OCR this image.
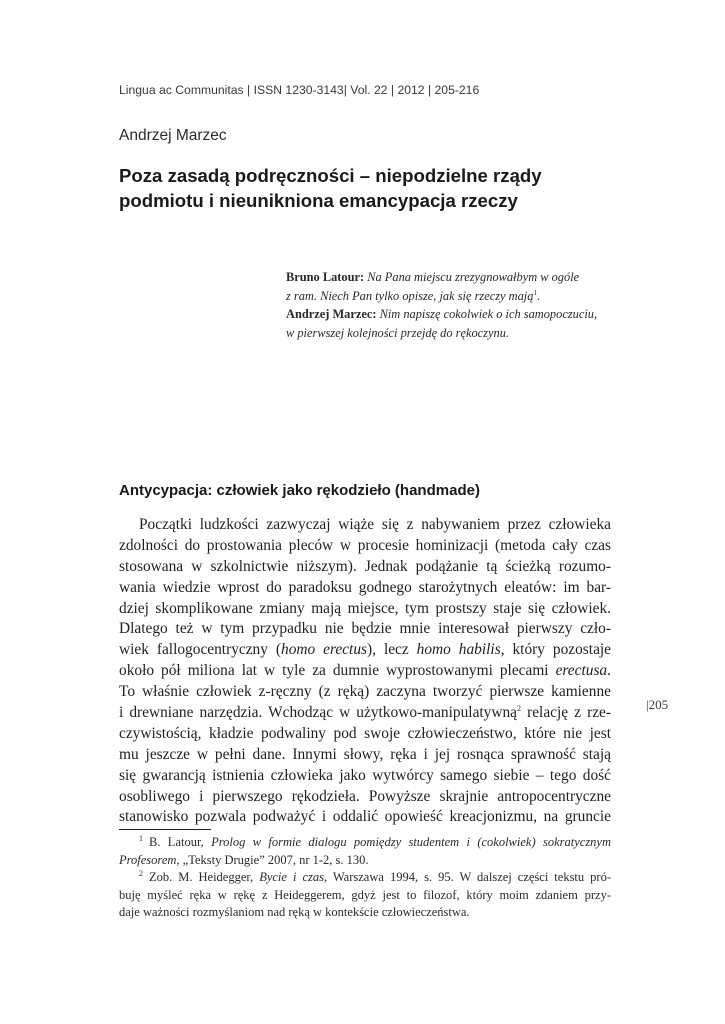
Lingua ac Communitas | ISSN 1230-3143| Vol. 22 | 2012 | 205-216
Andrzej Marzec
Poza zasadą podręczności – niepodzielne rządy
podmiotu i nieunikniona emancypacja rzeczy
Bruno Latour: Na Pana miejscu zrezygnowałbym w ogóle
z ram. Niech Pan tylko opisze, jak się rzeczy mają$^1$.
Andrzej Marzec: Nim napiszę cokolwiek o ich samopoczuciu,
w pierwszej kolejności przejdę do rękoczynu.
Antycypacja: człowiek jako rękodzieło (handmade)
Początki ludzkości zazwyczaj wiąże się z nabywaniem przez człowieka
zdolności do prostowania pleców w procesie hominizacji (metoda cały czas
stosowana w szkolnictwie niższym). Jednak podążanie tą ścieżką rozumo-
wania wiedzie wprost do paradoksu godnego starożytnych eleatów: im bar-
dziej skomplikowane zmiany mają miejsce, tym prostszy staje się człowiek.
Dlatego też w tym przypadku nie będzie mnie interesował pierwszy czło-
wiek fallogocentryczny (homo erectus), lecz homo habilis, który pozostaje
około pół miliona lat w tyle za dumnie wyprostowanymi plecami erectusa.
To właśnie człowiek z-ręczny (z ręką) zaczyna tworzyć pierwsze kamienne
i drewniane narzędzia. Wchodząc w użytkowo-manipulatywną$^2$ relację z rze-
czywistością, kładzie podwaliny pod swoje człowieczeństwo, które nie jest
mu jeszcze w pełni dane. Innymi słowy, ręka i jej rosnąca sprawność stają
się gwarancją istnienia człowieka jako wytwórcy samego siebie – tego dość
osobliwego i pierwszego rękodzieła. Powyższe skrajnie antropocentryczne
stanowisko pozwala podważyć i oddalić opowieść kreacjonizmu, na gruncie
|205
$^1$ B. Latour, Prolog w formie dialogu pomiędzy studentem i (cokolwiek) sokratycznym
Profesorem, „Teksty Drugie” 2007, nr 1-2, s. 130.
$^2$ Zob. M. Heidegger, Bycie i czas, Warszawa 1994, s. 95. W dalszej części tekstu pró-
buję myśleć ręka w rękę z Heideggerem, gdyż jest to filozof, który moim zdaniem przy-
daje ważności rozmyślaniom nad ręką w kontekście człowieczeństwa.
